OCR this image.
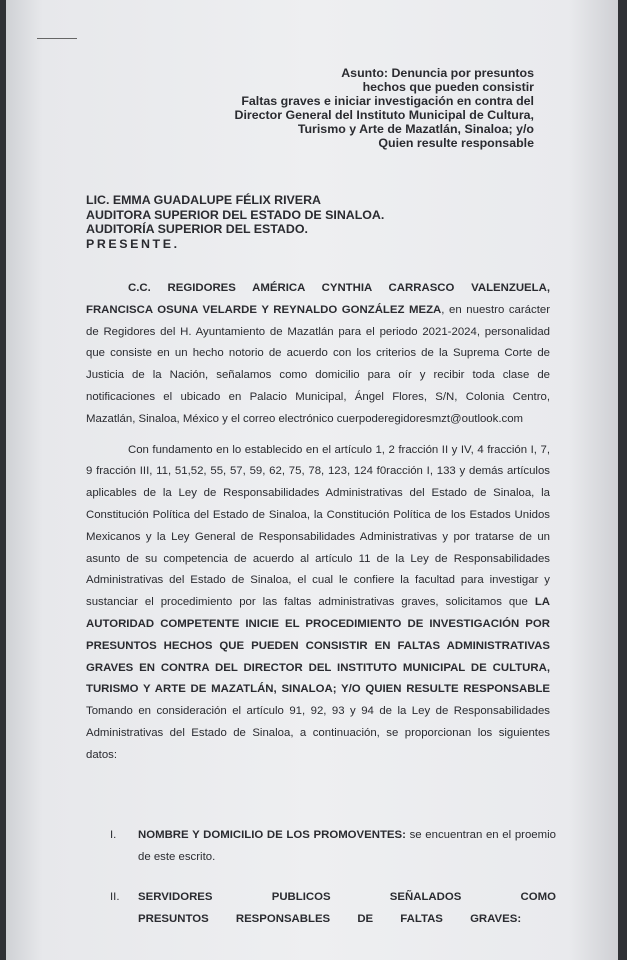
Asunto: Denuncia por presuntos
hechos que pueden consistir
Faltas graves e iniciar investigación en contra del
Director General del Instituto Municipal de Cultura,
Turismo y Arte de Mazatlán, Sinaloa; y/o
Quien resulte responsable
LIC. EMMA GUADALUPE FÉLIX RIVERA
AUDITORA SUPERIOR DEL ESTADO DE SINALOA.
AUDITORÍA SUPERIOR DEL ESTADO.
PRESENTE.

C.C. REGIDORES AMÉRICA CYNTHIA CARRASCO VALENZUELA, FRANCISCA OSUNA VELARDE Y REYNALDO GONZÁLEZ MEZA, en nuestro carácter de Regidores del H. Ayuntamiento de Mazatlán para el periodo 2021-2024, personalidad que consiste en un hecho notorio de acuerdo con los criterios de la Suprema Corte de Justicia de la Nación, señalamos como domicilio para oír y recibir toda clase de notificaciones el ubicado en Palacio Municipal, Ángel Flores, S/N, Colonia Centro, Mazatlán, Sinaloa, México y el correo electrónico cuerpoderegidoresmzt@outlook.com

Con fundamento en lo establecido en el artículo 1, 2 fracción II y IV, 4 fracción I, 7, 9 fracción III, 11, 51,52, 55, 57, 59, 62, 75, 78, 123, 124 f0racción I, 133 y demás artículos aplicables de la Ley de Responsabilidades Administrativas del Estado de Sinaloa, la Constitución Política del Estado de Sinaloa, la Constitución Política de los Estados Unidos Mexicanos y la Ley General de Responsabilidades Administrativas y por tratarse de un asunto de su competencia de acuerdo al artículo 11 de la Ley de Responsabilidades Administrativas del Estado de Sinaloa, el cual le confiere la facultad para investigar y sustanciar el procedimiento por las faltas administrativas graves, solicitamos que LA AUTORIDAD COMPETENTE INICIE EL PROCEDIMIENTO DE INVESTIGACIÓN POR PRESUNTOS HECHOS QUE PUEDEN CONSISTIR EN FALTAS ADMINISTRATIVAS GRAVES EN CONTRA DEL DIRECTOR DEL INSTITUTO MUNICIPAL DE CULTURA, TURISMO Y ARTE DE MAZATLÁN, SINALOA; Y/O QUIEN RESULTE RESPONSABLE Tomando en consideración el artículo 91, 92, 93 y 94 de la Ley de Responsabilidades Administrativas del Estado de Sinaloa, a continuación, se proporcionan los siguientes datos:

I. NOMBRE Y DOMICILIO DE LOS PROMOVENTES: se encuentran en el proemio de este escrito.
II. SERVIDORES PUBLICOS SEÑALADOS COMO PRESUNTOS RESPONSABLES DE FALTAS GRAVES:
